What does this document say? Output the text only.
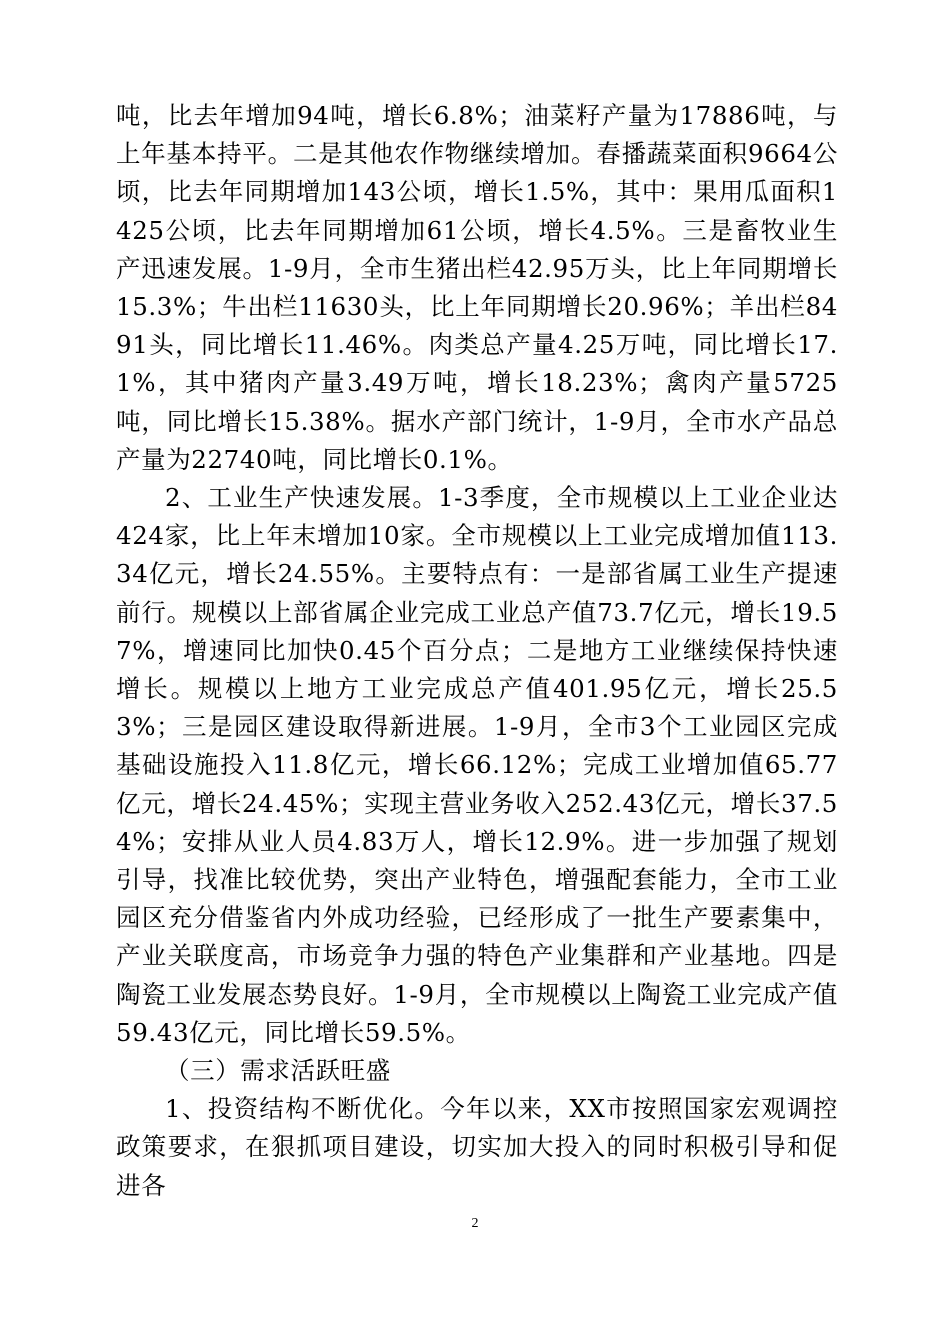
吨，比去年增加94吨，增长6.8%；油菜籽产量为17886吨，与上年基本持平。二是其他农作物继续增加。春播蔬菜面积9664公顷，比去年同期增加143公顷，增长1.5%，其中：果用瓜面积1425公顷，比去年同期增加61公顷，增长4.5%。三是畜牧业生产迅速发展。1-9月，全市生猪出栏42.95万头，比上年同期增长15.3%；牛出栏11630头，比上年同期增长20.96%；羊出栏8491头，同比增长11.46%。肉类总产量4.25万吨，同比增长17.1%，其中猪肉产量3.49万吨，增长18.23%；禽肉产量5725吨，同比增长15.38%。据水产部门统计，1-9月，全市水产品总产量为22740吨，同比增长0.1%。

2、工业生产快速发展。1-3季度，全市规模以上工业企业达424家，比上年末增加10家。全市规模以上工业完成增加值113.34亿元，增长24.55%。主要特点有：一是部省属工业生产提速前行。规模以上部省属企业完成工业总产值73.7亿元，增长19.57%，增速同比加快0.45个百分点；二是地方工业继续保持快速增长。规模以上地方工业完成总产值401.95亿元，增长25.53%；三是园区建设取得新进展。1-9月，全市3个工业园区完成基础设施投入11.8亿元，增长66.12%；完成工业增加值65.77亿元，增长24.45%；实现主营业务收入252.43亿元，增长37.54%；安排从业人员4.83万人，增长12.9%。进一步加强了规划引导，找准比较优势，突出产业特色，增强配套能力，全市工业园区充分借鉴省内外成功经验，已经形成了一批生产要素集中，产业关联度高，市场竞争力强的特色产业集群和产业基地。四是陶瓷工业发展态势良好。1-9月，全市规模以上陶瓷工业完成产值59.43亿元，同比增长59.5%。

（三）需求活跃旺盛

1、投资结构不断优化。今年以来，XX市按照国家宏观调控政策要求，在狠抓项目建设，切实加大投入的同时积极引导和促进各

2
